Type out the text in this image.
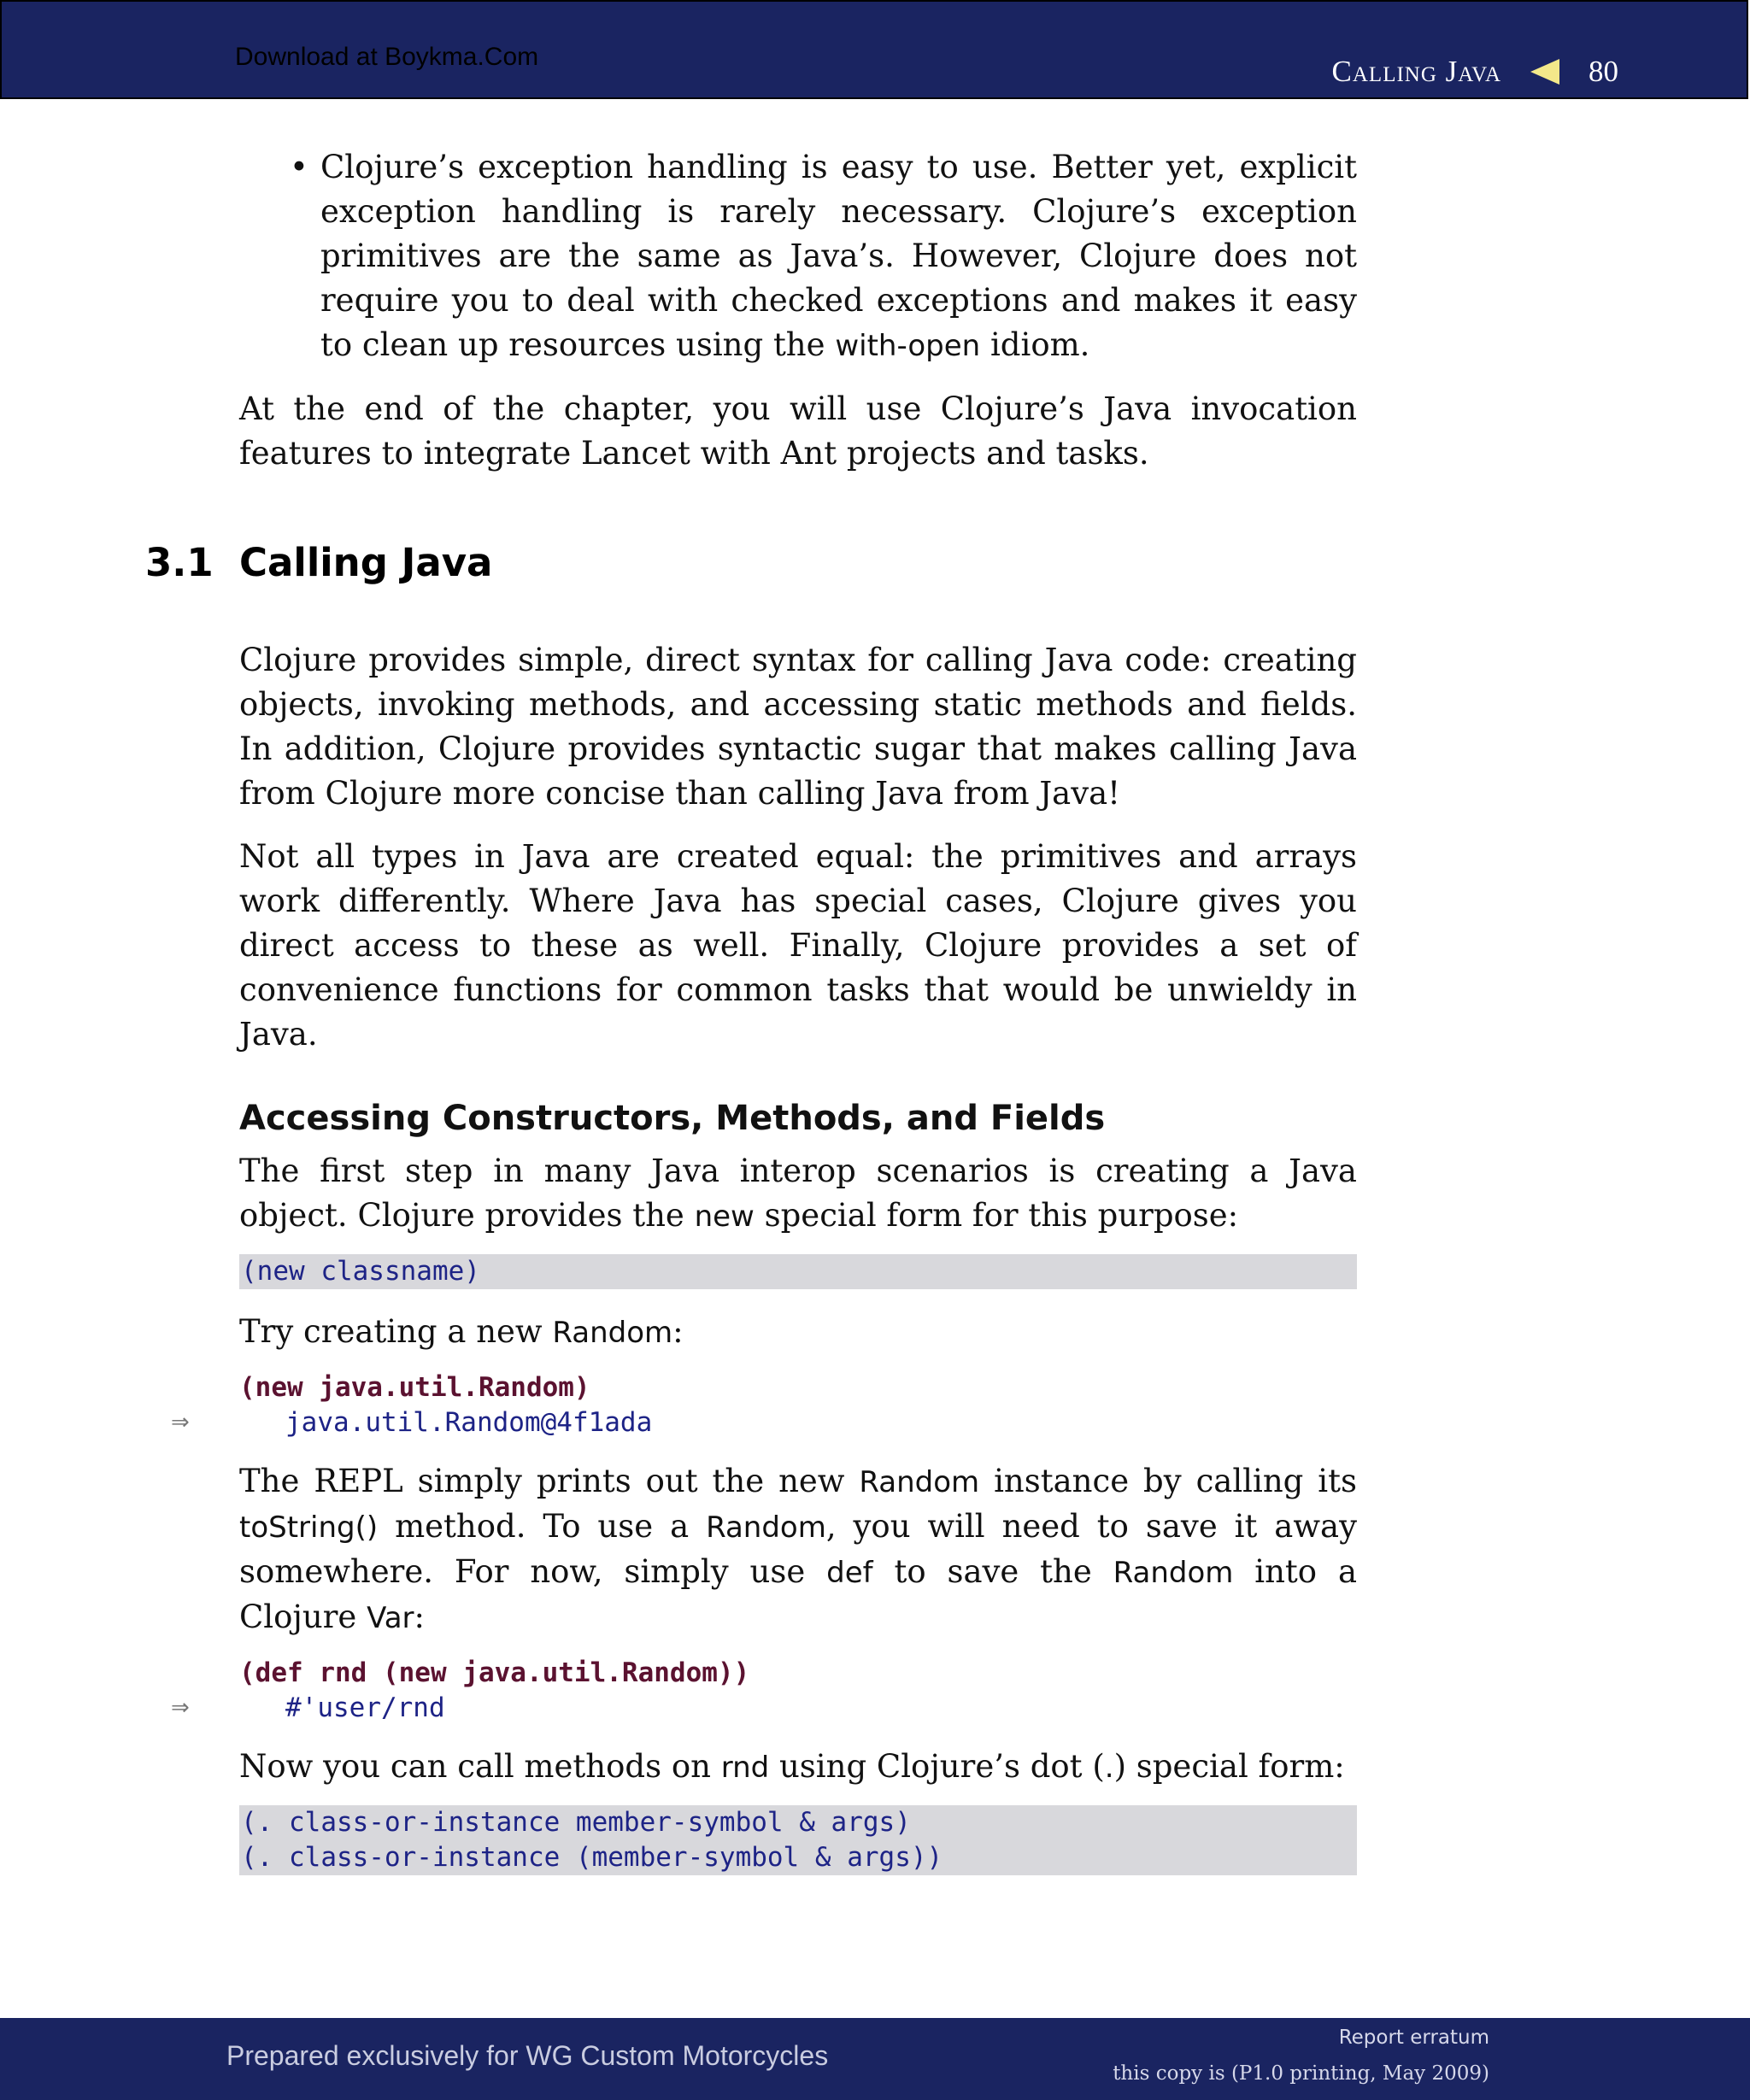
Download at Boykma.Com	Calling Java	80
• Clojure’s exception handling is easy to use. Better yet, explicit exception handling is rarely necessary. Clojure’s exception primitives are the same as Java’s. However, Clojure does not require you to deal with checked exceptions and makes it easy to clean up resources using the with-open idiom.

At the end of the chapter, you will use Clojure’s Java invocation features to integrate Lancet with Ant projects and tasks.

Clojure provides simple, direct syntax for calling Java code: creating objects, invoking methods, and accessing static methods and fields. In addition, Clojure provides syntactic sugar that makes calling Java from Clojure more concise than calling Java from Java!

Not all types in Java are created equal: the primitives and arrays work differently. Where Java has special cases, Clojure gives you direct access to these as well. Finally, Clojure provides a set of convenience functions for common tasks that would be unwieldy in Java.

Accessing Constructors, Methods, and Fields

The first step in many Java interop scenarios is creating a Java object. Clojure provides the new special form for this purpose:

(new classname)

Try creating a new Random:

(new java.util.Random)
⇒	java.util.Random@4f1ada

The REPL simply prints out the new Random instance by calling its toString() method. To use a Random, you will need to save it away somewhere. For now, simply use def to save the Random into a Clojure Var:

(def rnd (new java.util.Random))
⇒	#'user/rnd

Now you can call methods on rnd using Clojure’s dot (.) special form:

(. class-or-instance member-symbol & args)
(. class-or-instance (member-symbol & args))
3.1 Calling Java
Prepared exclusively for WG Custom Motorcycles
Report erratum
this copy is (P1.0 printing, May 2009)
